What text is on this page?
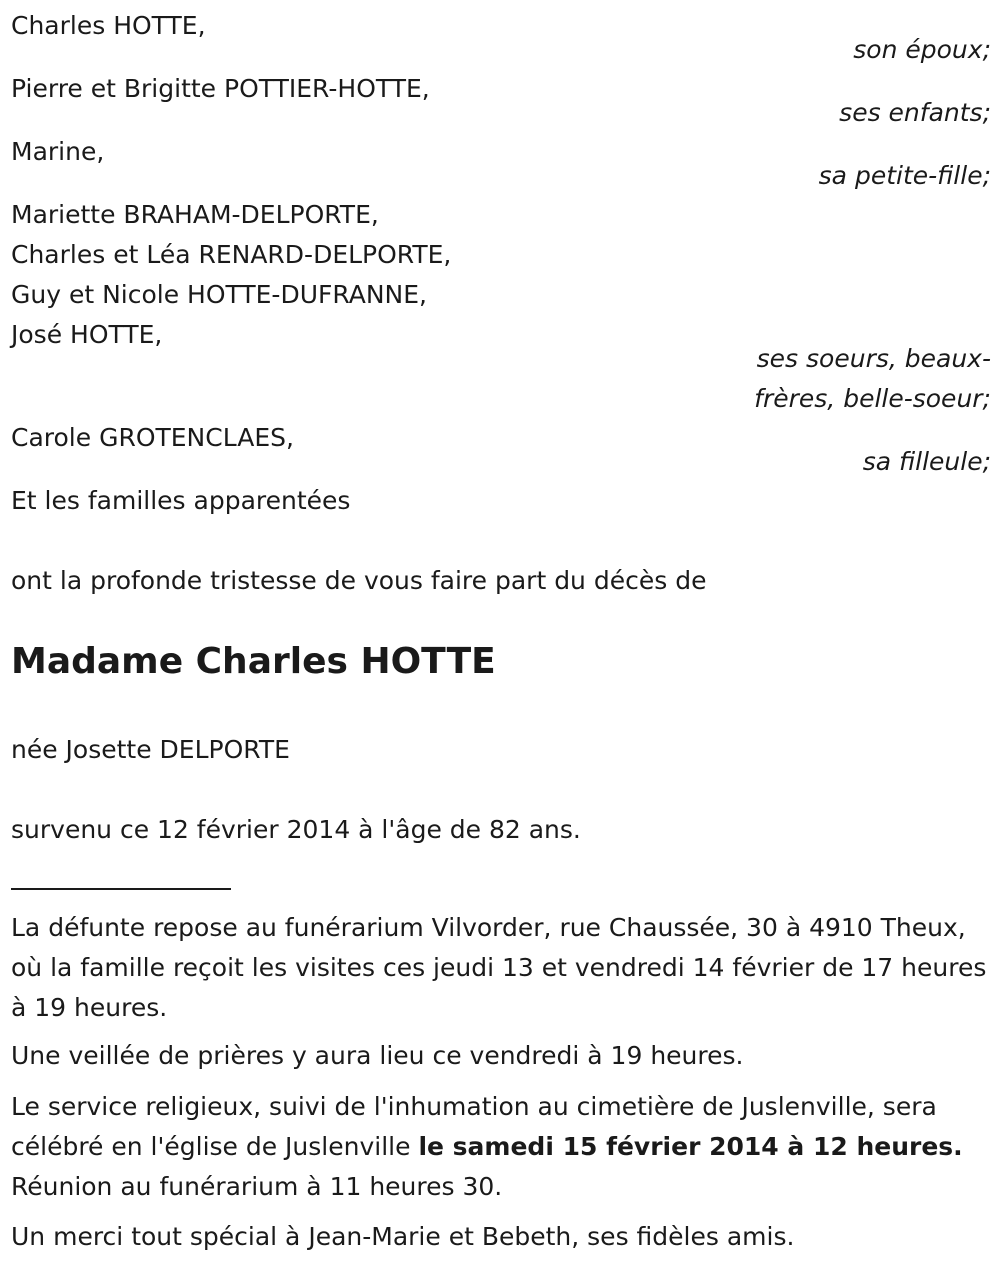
Charles HOTTE,
son époux;
Pierre et Brigitte POTTIER-HOTTE,
ses enfants;
Marine,
sa petite-fille;
Mariette BRAHAM-DELPORTE,
Charles et Léa RENARD-DELPORTE,
Guy et Nicole HOTTE-DUFRANNE,
José HOTTE,
ses soeurs, beaux-
frères, belle-soeur;
Carole GROTENCLAES,
sa filleule;
Et les familles apparentées
ont la profonde tristesse de vous faire part du décès de
Madame Charles HOTTE
née Josette DELPORTE
survenu ce 12 février 2014 à l'âge de 82 ans.
La défunte repose au funérarium Vilvorder, rue Chaussée, 30 à 4910 Theux, où la famille reçoit les visites ces jeudi 13 et vendredi 14 février de 17 heures à 19 heures.
Une veillée de prières y aura lieu ce vendredi à 19 heures.
Le service religieux, suivi de l'inhumation au cimetière de Juslenville, sera célébré en l'église de Juslenville le samedi 15 février 2014 à 12 heures. Réunion au funérarium à 11 heures 30.
Un merci tout spécial à Jean-Marie et Bebeth, ses fidèles amis.
